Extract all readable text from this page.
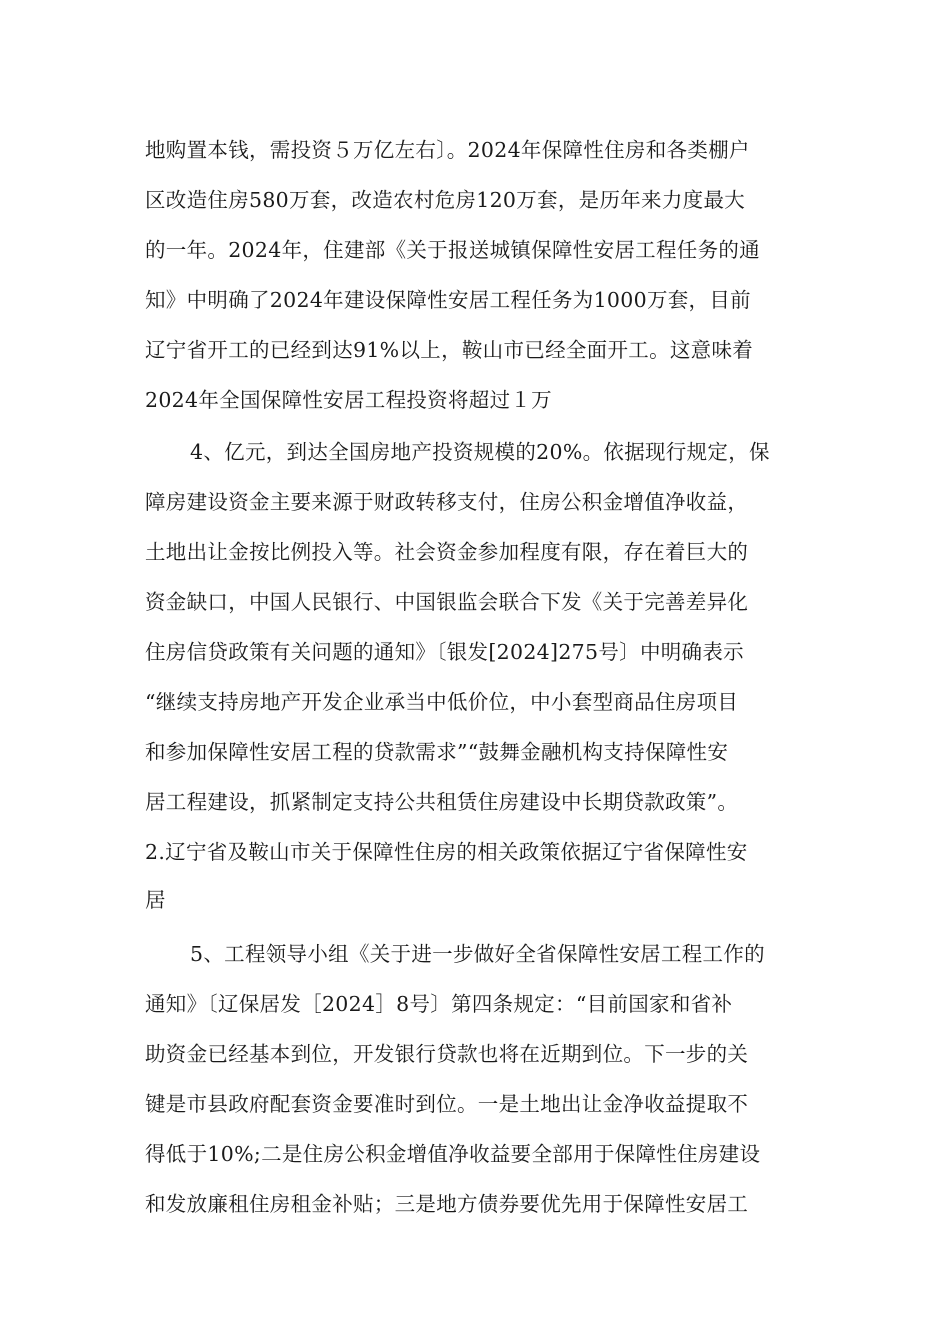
地购置本钱，需投资５万亿左右〕。2024年保障性住房和各类棚户
区改造住房580万套，改造农村危房120万套，是历年来力度最大
的一年。2024年，住建部《关于报送城镇保障性安居工程任务的通
知》中明确了2024年建设保障性安居工程任务为1000万套，目前
辽宁省开工的已经到达91%以上，鞍山市已经全面开工。这意味着
2024年全国保障性安居工程投资将超过１万
4、亿元，到达全国房地产投资规模的20%。依据现行规定，保
障房建设资金主要来源于财政转移支付，住房公积金增值净收益，
土地出让金按比例投入等。社会资金参加程度有限，存在着巨大的
资金缺口，中国人民银行、中国银监会联合下发《关于完善差异化
住房信贷政策有关问题的通知》〔银发[2024]275号〕中明确表示
“继续支持房地产开发企业承当中低价位，中小套型商品住房项目
和参加保障性安居工程的贷款需求”“鼓舞金融机构支持保障性安
居工程建设，抓紧制定支持公共租赁住房建设中长期贷款政策”。
2.辽宁省及鞍山市关于保障性住房的相关政策依据辽宁省保障性安
居
5、工程领导小组《关于进一步做好全省保障性安居工程工作的
通知》〔辽保居发［2024］8号〕第四条规定：“目前国家和省补
助资金已经基本到位，开发银行贷款也将在近期到位。下一步的关
键是市县政府配套资金要准时到位。一是土地出让金净收益提取不
得低于10%;二是住房公积金增值净收益要全部用于保障性住房建设
和发放廉租住房租金补贴；三是地方债券要优先用于保障性安居工
